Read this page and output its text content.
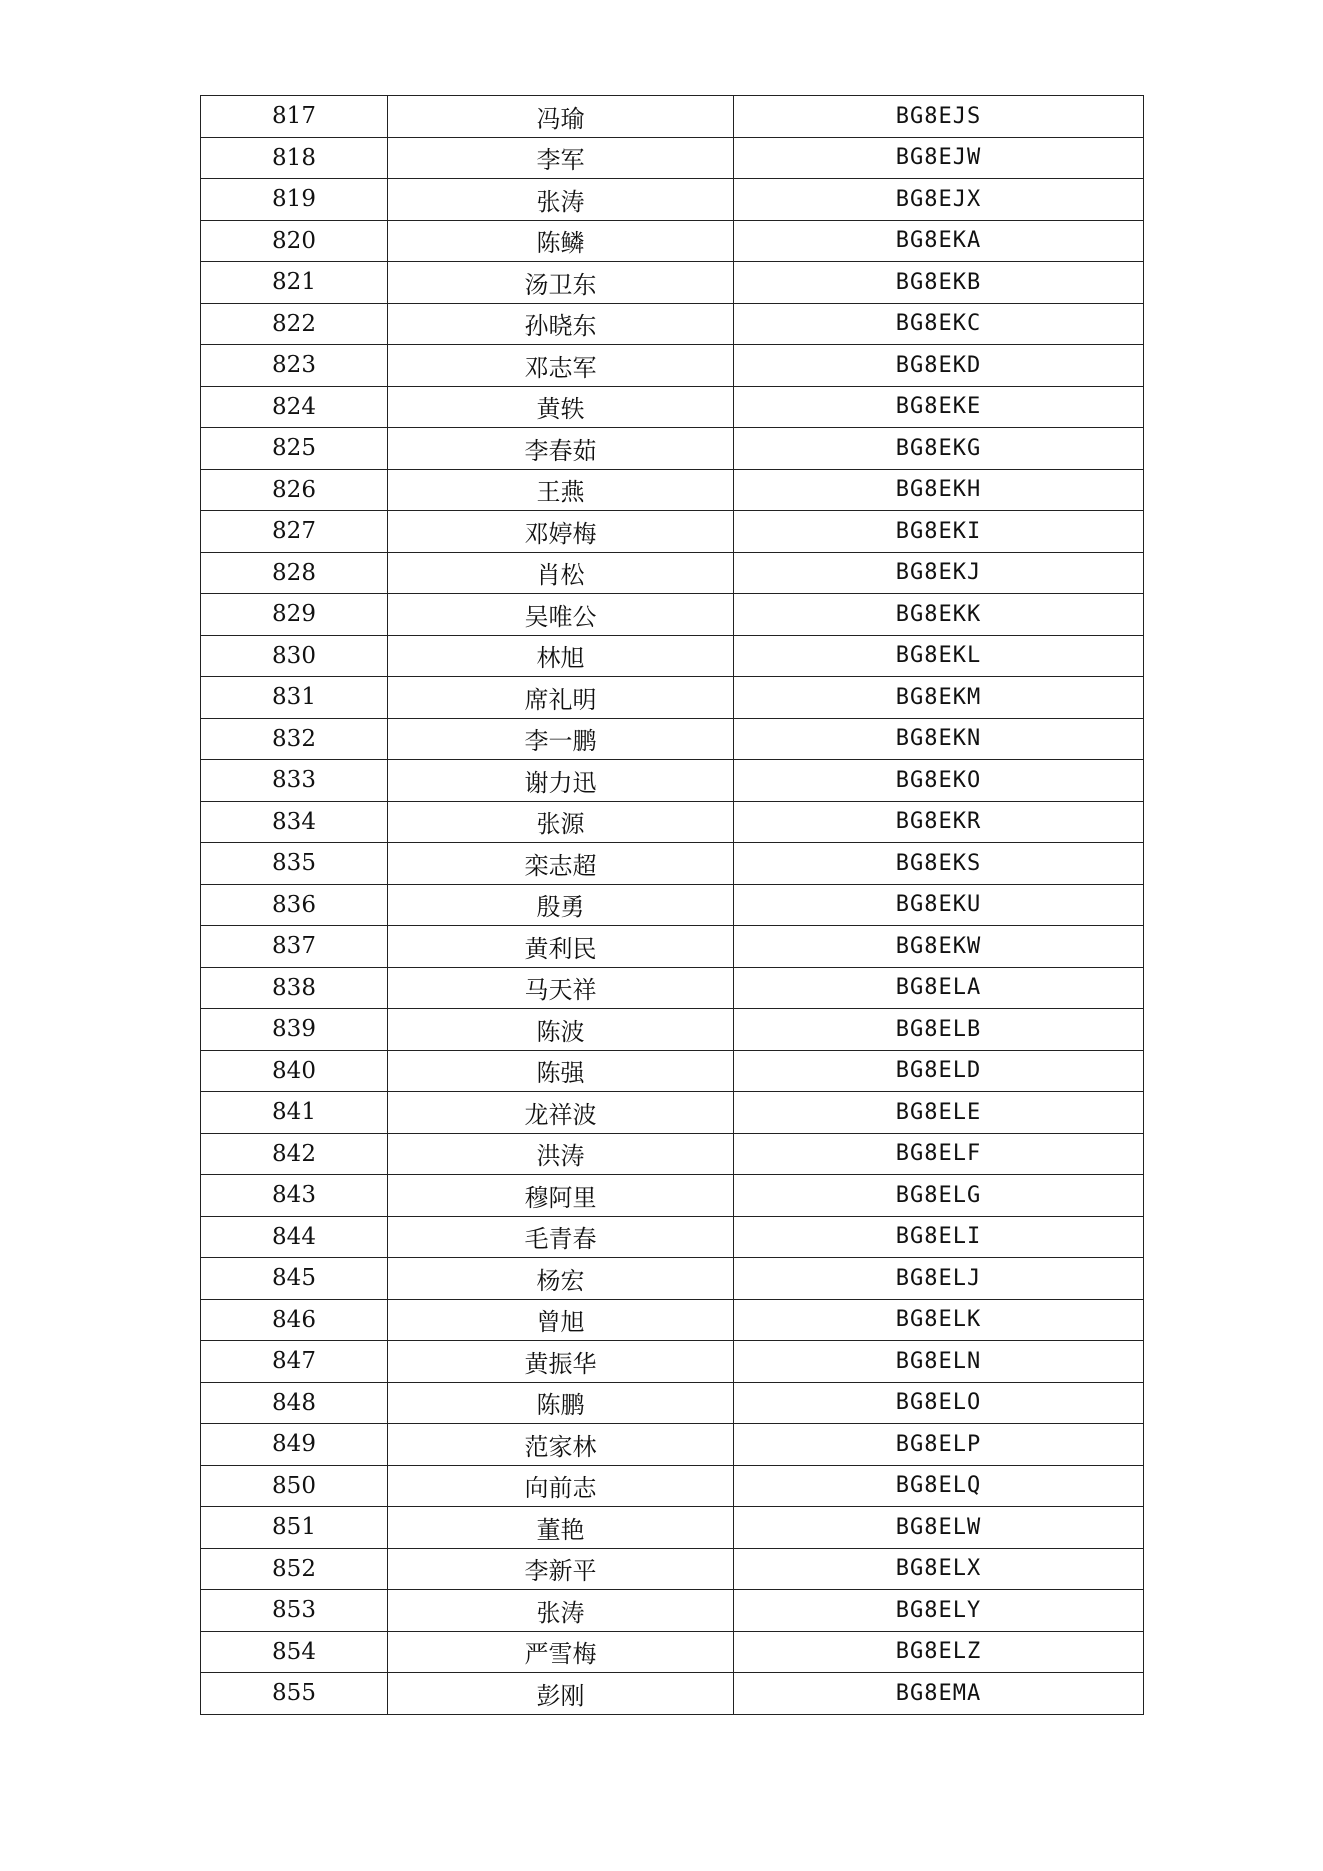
817	冯瑜	BG8EJS
818	李军	BG8EJW
819	张涛	BG8EJX
820	陈鳞	BG8EKA
821	汤卫东	BG8EKB
822	孙晓东	BG8EKC
823	邓志军	BG8EKD
824	黄轶	BG8EKE
825	李春茹	BG8EKG
826	王燕	BG8EKH
827	邓婷梅	BG8EKI
828	肖松	BG8EKJ
829	吴唯公	BG8EKK
830	林旭	BG8EKL
831	席礼明	BG8EKM
832	李一鹏	BG8EKN
833	谢力迅	BG8EKO
834	张源	BG8EKR
835	栾志超	BG8EKS
836	殷勇	BG8EKU
837	黄利民	BG8EKW
838	马天祥	BG8ELA
839	陈波	BG8ELB
840	陈强	BG8ELD
841	龙祥波	BG8ELE
842	洪涛	BG8ELF
843	穆阿里	BG8ELG
844	毛青春	BG8ELI
845	杨宏	BG8ELJ
846	曾旭	BG8ELK
847	黄振华	BG8ELN
848	陈鹏	BG8ELO
849	范家林	BG8ELP
850	向前志	BG8ELQ
851	董艳	BG8ELW
852	李新平	BG8ELX
853	张涛	BG8ELY
854	严雪梅	BG8ELZ
855	彭刚	BG8EMA
